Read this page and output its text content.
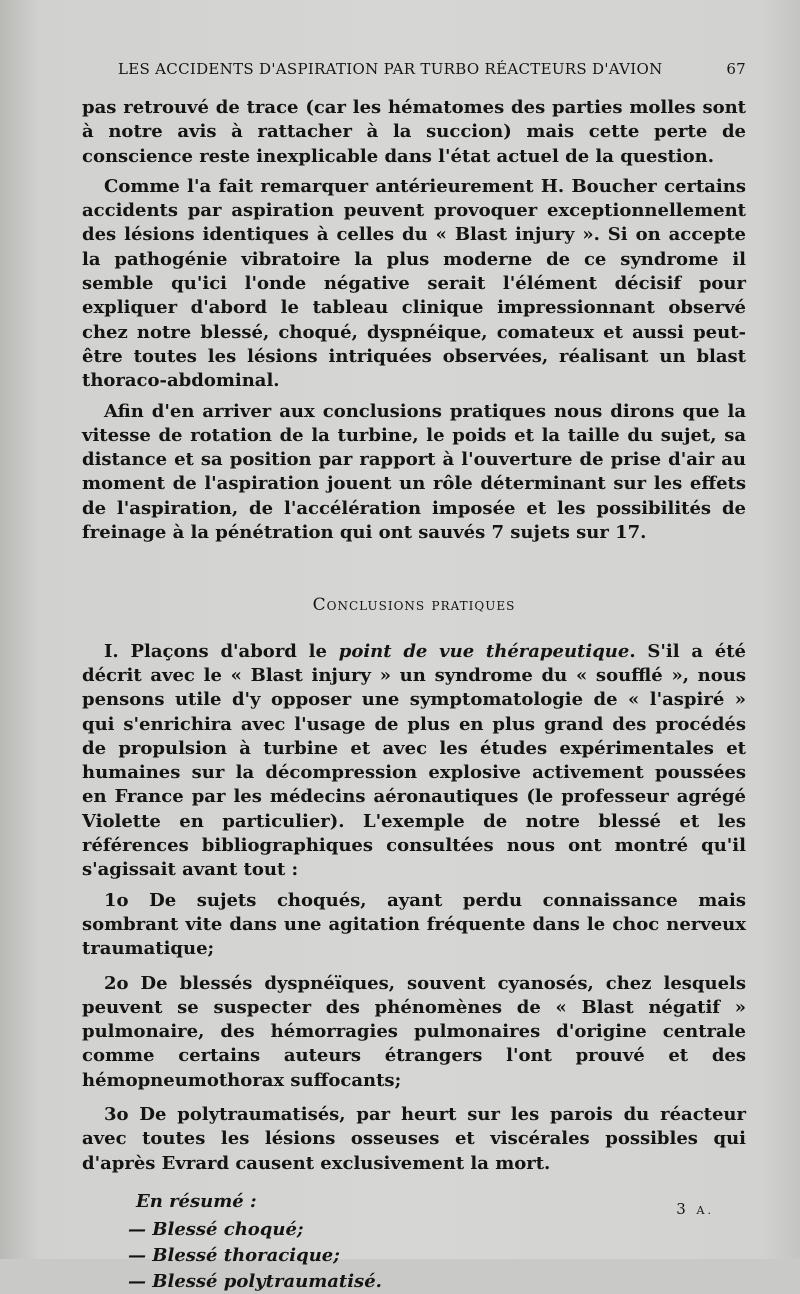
LES ACCIDENTS D'ASPIRATION PAR TURBO RÉACTEURS D'AVION	67

pas retrouvé de trace (car les hématomes des parties molles sont à notre avis à rattacher à la succion) mais cette perte de conscience reste inexplicable dans l'état actuel de la question.

Comme l'a fait remarquer antérieurement H. Boucher certains accidents par aspiration peuvent provoquer exceptionnellement des lésions identiques à celles du « Blast injury ». Si on accepte la pathogénie vibratoire la plus moderne de ce syndrome il semble qu'ici l'onde négative serait l'élément décisif pour expliquer d'abord le tableau clinique impressionnant observé chez notre blessé, choqué, dyspnéique, comateux et aussi peut-être toutes les lésions intriquées observées, réalisant un blast thoraco-abdominal.

Afin d'en arriver aux conclusions pratiques nous dirons que la vitesse de rotation de la turbine, le poids et la taille du sujet, sa distance et sa position par rapport à l'ouverture de prise d'air au moment de l'aspiration jouent un rôle déterminant sur les effets de l'aspiration, de l'accélération imposée et les possibilités de freinage à la pénétration qui ont sauvés 7 sujets sur 17.

Conclusions pratiques

I. Plaçons d'abord le point de vue thérapeutique. S'il a été décrit avec le « Blast injury » un syndrome du « soufflé », nous pensons utile d'y opposer une symptomatologie de « l'aspiré » qui s'enrichira avec l'usage de plus en plus grand des procédés de propulsion à turbine et avec les études expérimentales et humaines sur la décompression explosive activement poussées en France par les médecins aéronautiques (le professeur agrégé Violette en particulier). L'exemple de notre blessé et les références bibliographiques consultées nous ont montré qu'il s'agissait avant tout :

1o De sujets choqués, ayant perdu connaissance mais sombrant vite dans une agitation fréquente dans le choc nerveux traumatique;

2o De blessés dyspnéïques, souvent cyanosés, chez lesquels peuvent se suspecter des phénomènes de « Blast négatif » pulmonaire, des hémorragies pulmonaires d'origine centrale comme certains auteurs étrangers l'ont prouvé et des hémopneumothorax suffocants;

3o De polytraumatisés, par heurt sur les parois du réacteur avec toutes les lésions osseuses et viscérales possibles qui d'après Evrard causent exclusivement la mort.

En résumé :
— Blessé choqué;
— Blessé thoracique;
— Blessé polytraumatisé.
3 A.
